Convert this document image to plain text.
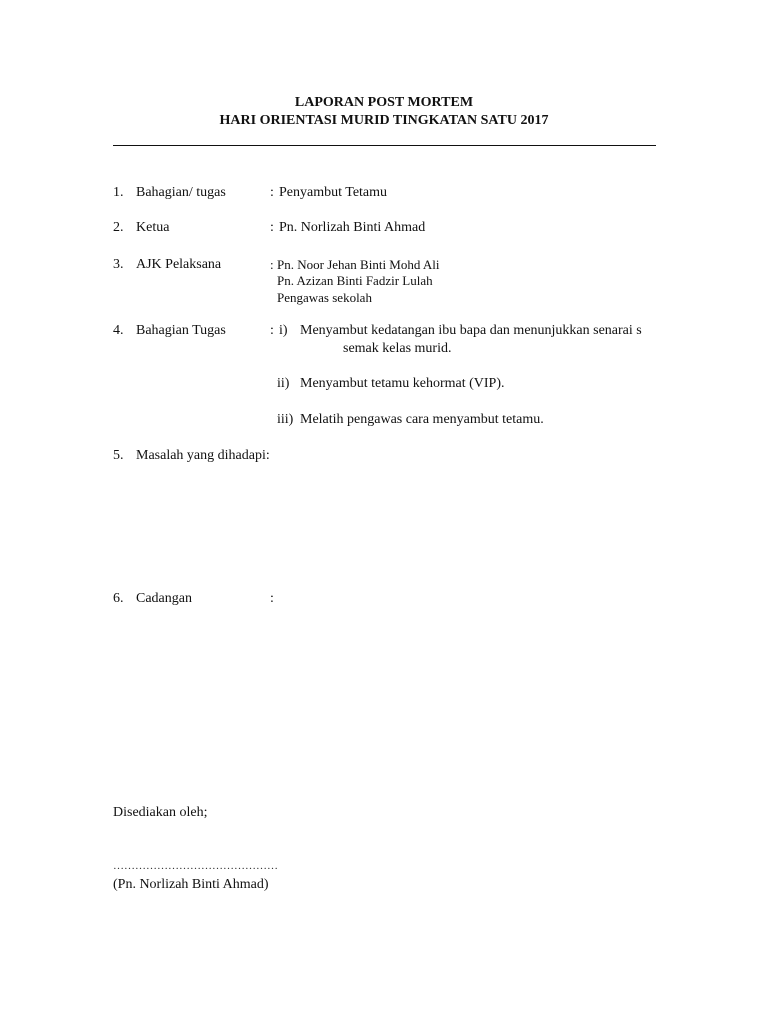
LAPORAN POST MORTEM
HARI ORIENTASI MURID TINGKATAN SATU 2017
1. Bahagian/ tugas	: Penyambut Tetamu
2. Ketua	: Pn. Norlizah Binti Ahmad
3. AJK Pelaksana	: Pn. Noor Jehan Binti Mohd Ali
Pn. Azizan Binti Fadzir Lulah
Pengawas sekolah
4. Bahagian Tugas	: i) Menyambut kedatangan ibu bapa dan menunjukkan senarai s
semak kelas murid.
ii) Menyambut tetamu kehormat (VIP).
iii) Melatih pengawas cara menyambut tetamu.
5. Masalah yang dihadapi:
6. Cadangan	:
Disediakan oleh;
………………………………………
(Pn. Norlizah Binti Ahmad)
